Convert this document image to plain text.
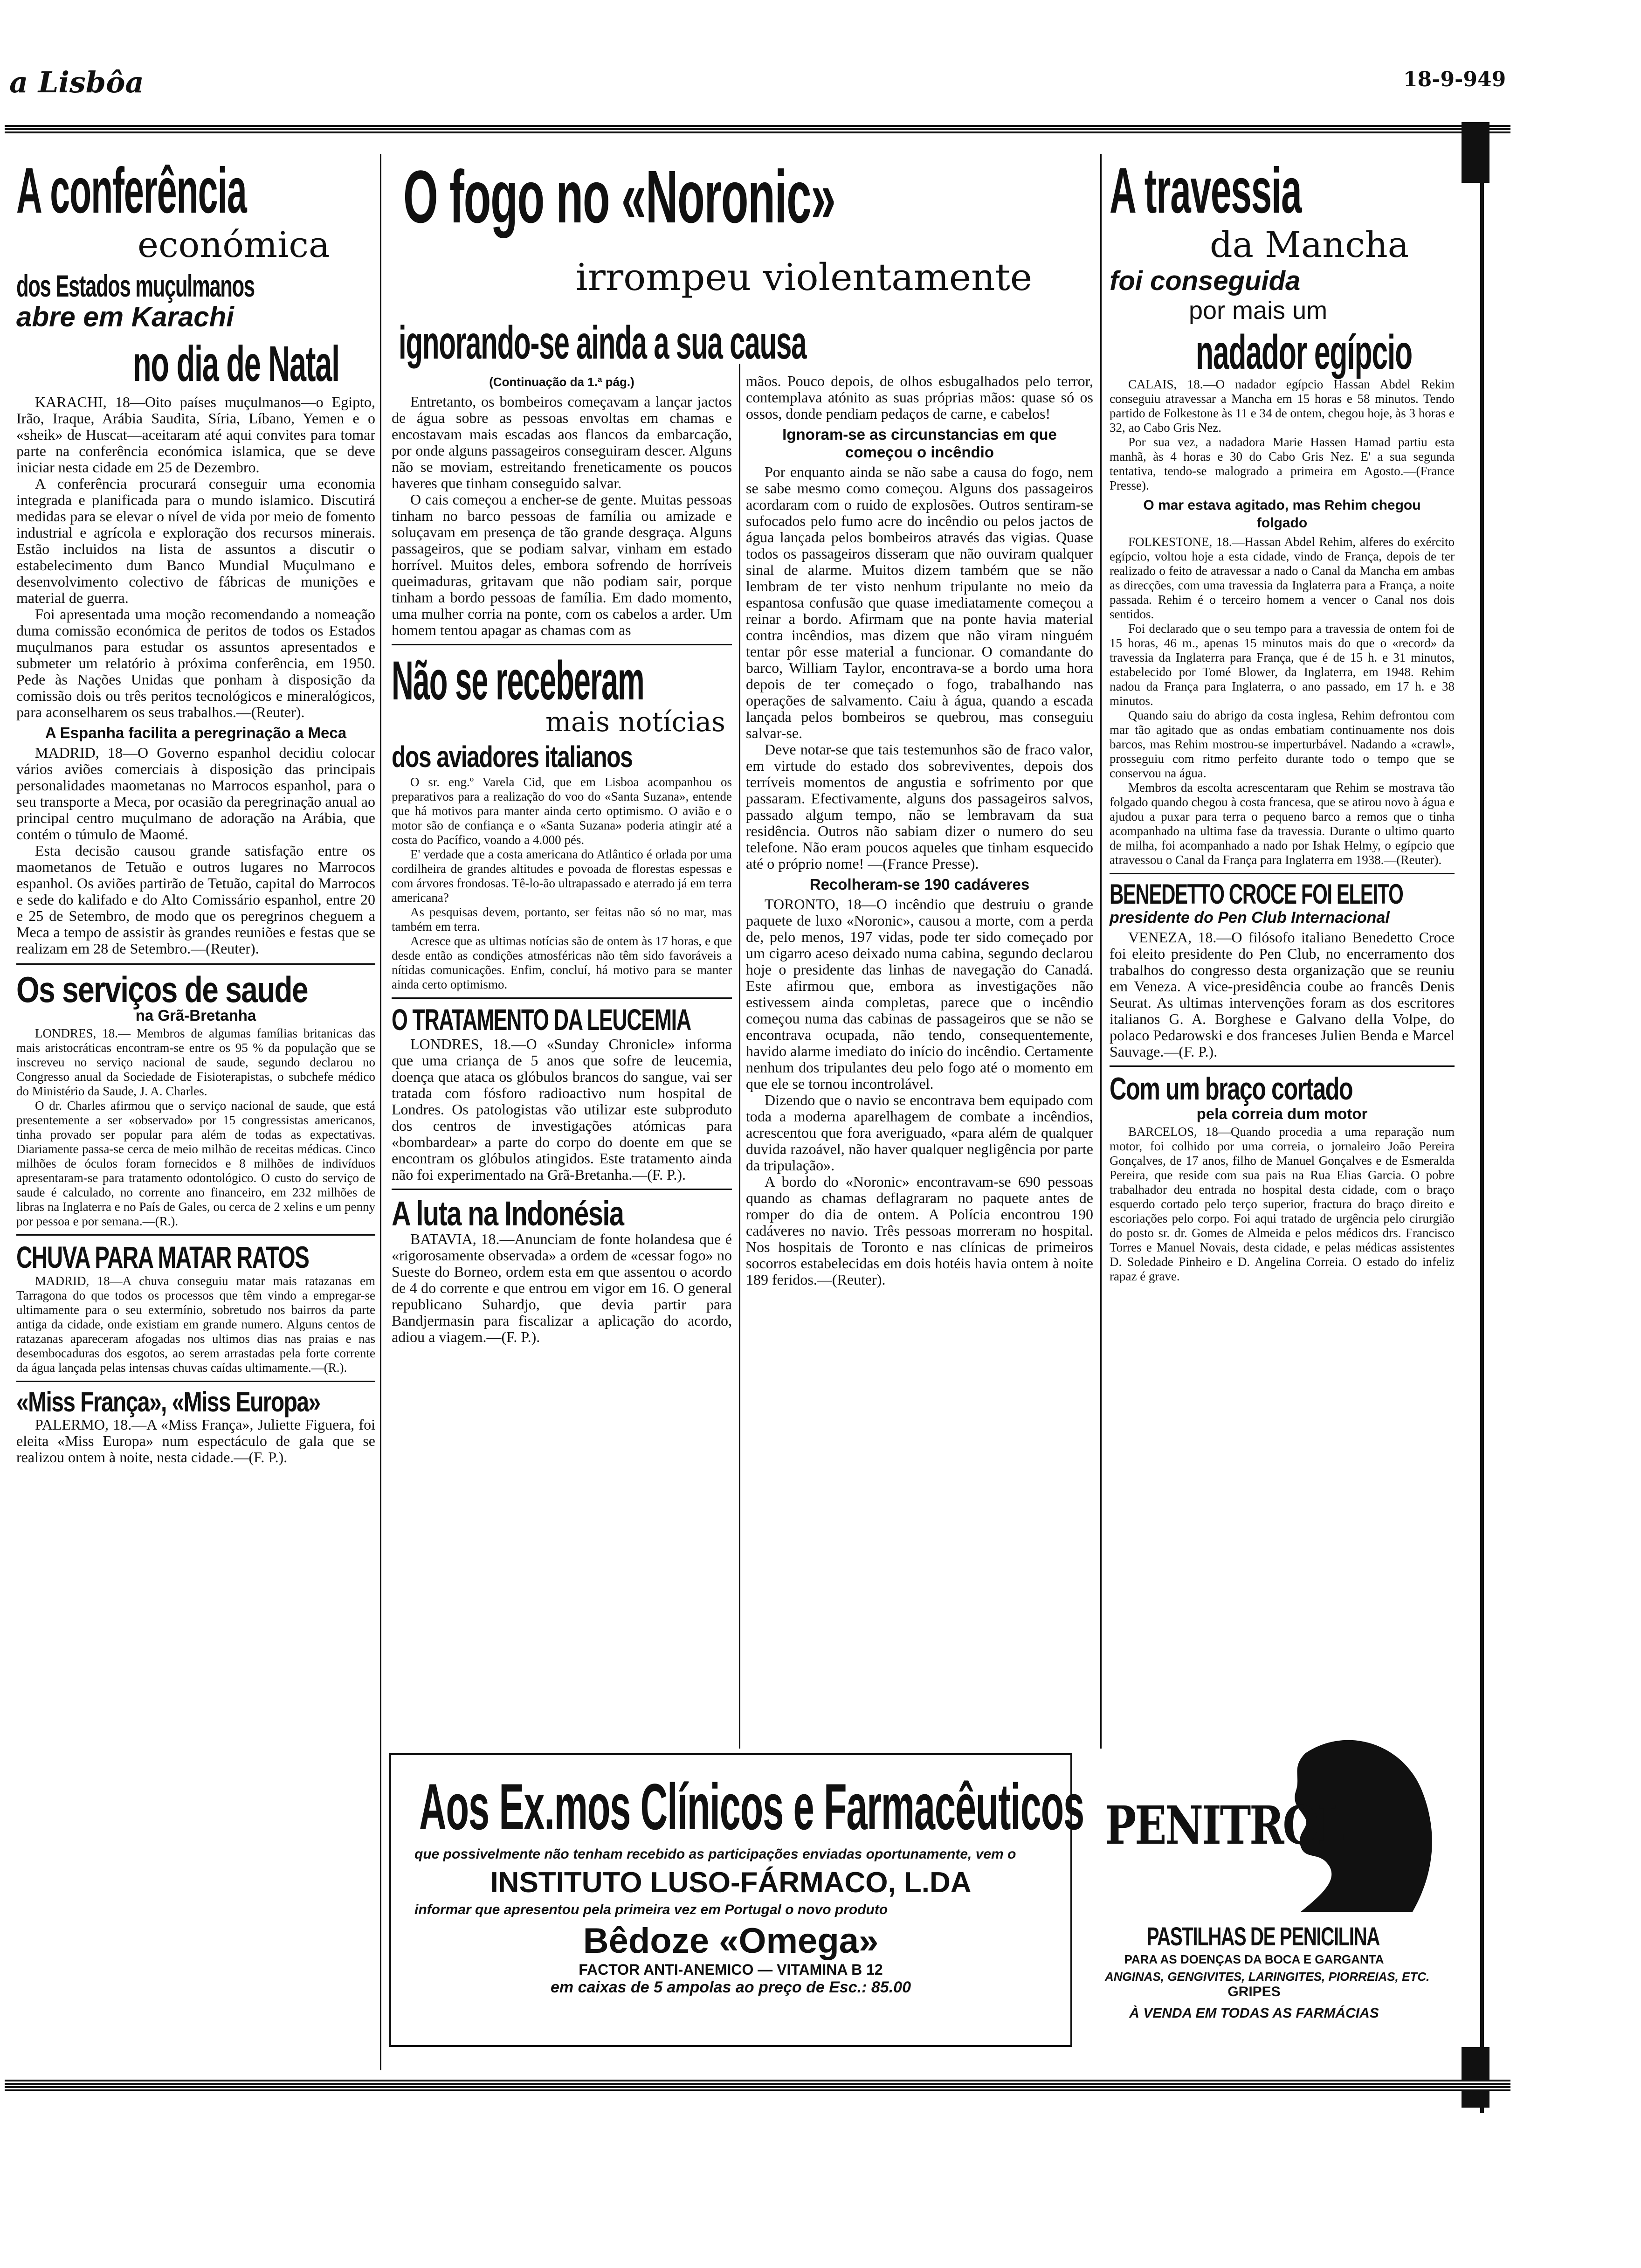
a Lisbôa	18-9-949
A conferência
económica
dos Estados muçulmanos
abre em Karachi
no dia de Natal

KARACHI, 18—Oito países muçulmanos—o Egipto, Irão, Iraque, Arábia Saudita, Síria, Líbano, Yemen e o «sheik» de Huscat—aceitaram até aqui convites para tomar parte na conferência económica islamica, que se deve iniciar nesta cidade em 25 de Dezembro.

A conferência procurará conseguir uma economia integrada e planificada para o mundo islamico. Discutirá medidas para se elevar o nível de vida por meio de fomento industrial e agrícola e exploração dos recursos minerais. Estão incluidos na lista de assuntos a discutir o estabelecimento dum Banco Mundial Muçulmano e desenvolvimento colectivo de fábricas de munições e material de guerra.

Foi apresentada uma moção recomendando a nomeação duma comissão económica de peritos de todos os Estados muçulmanos para estudar os assuntos apresentados e submeter um relatório à próxima conferência, em 1950. Pede às Nações Unidas que ponham à disposição da comissão dois ou três peritos tecnológicos e mineralógicos, para aconselharem os seus trabalhos.—(Reuter).

A Espanha facilita a peregrinação a Meca

MADRID, 18—O Governo espanhol decidiu colocar vários aviões comerciais à disposição das principais personalidades maometanas no Marrocos espanhol, para o seu transporte a Meca, por ocasião da peregrinação anual ao principal centro muçulmano de adoração na Arábia, que contém o túmulo de Maomé.

Esta decisão causou grande satisfação entre os maometanos de Tetuão e outros lugares no Marrocos espanhol. Os aviões partirão de Tetuão, capital do Marrocos e sede do kalifado e do Alto Comissário espanhol, entre 20 e 25 de Setembro, de modo que os peregrinos cheguem a Meca a tempo de assistir às grandes reuniões e festas que se realizam em 28 de Setembro.—(Reuter).

Os serviços de saude
na Grã-Bretanha

LONDRES, 18.— Membros de algumas famílias britanicas das mais aristocráticas encontram-se entre os 95 % da população que se inscreveu no serviço nacional de saude, segundo declarou no Congresso anual da Sociedade de Fisioterapistas, o subchefe médico do Ministério da Saude, J. A. Charles.

O dr. Charles afirmou que o serviço nacional de saude, que está presentemente a ser «observado» por 15 congressistas americanos, tinha provado ser popular para além de todas as expectativas. Diariamente passa-se cerca de meio milhão de receitas médicas. Cinco milhões de óculos foram fornecidos e 8 milhões de indivíduos apresentaram-se para tratamento odontológico. O custo do serviço de saude é calculado, no corrente ano financeiro, em 232 milhões de libras na Inglaterra e no País de Gales, ou cerca de 2 xelins e um penny por pessoa e por semana.—(R.).

CHUVA PARA MATAR RATOS

MADRID, 18—A chuva conseguiu matar mais ratazanas em Tarragona do que todos os processos que têm vindo a empregar-se ultimamente para o seu extermínio, sobretudo nos bairros da parte antiga da cidade, onde existiam em grande numero. Alguns centos de ratazanas apareceram afogadas nos ultimos dias nas praias e nas desembocaduras dos esgotos, ao serem arrastadas pela forte corrente da água lançada pelas intensas chuvas caídas ultimamente.—(R.).

«Miss França», «Miss Europa»

PALERMO, 18.—A «Miss França», Juliette Figuera, foi eleita «Miss Europa» num espectáculo de gala que se realizou ontem à noite, nesta cidade.—(F. P.).

O fogo no «Noronic»
irrompeu violentamente
ignorando-se ainda a sua causa
(Continuação da 1.ª pág.)

Entretanto, os bombeiros começavam a lançar jactos de água sobre as pessoas envoltas em chamas e encostavam mais escadas aos flancos da embarcação, por onde alguns passageiros conseguiram descer. Alguns não se moviam, estreitando freneticamente os poucos haveres que tinham conseguido salvar.

O cais começou a encher-se de gente. Muitas pessoas tinham no barco pessoas de família ou amizade e soluçavam em presença de tão grande desgraça. Alguns passageiros, que se podiam salvar, vinham em estado horrível. Muitos deles, embora sofrendo de horríveis queimaduras, gritavam que não podiam sair, porque tinham a bordo pessoas de família. Em dado momento, uma mulher corria na ponte, com os cabelos a arder. Um homem tentou apagar as chamas com as

Não se receberam
mais notícias
dos aviadores italianos

O sr. eng.º Varela Cid, que em Lisboa acompanhou os preparativos para a realização do voo do «Santa Suzana», entende que há motivos para manter ainda certo optimismo. O avião e o motor são de confiança e o «Santa Suzana» poderia atingir até a costa do Pacífico, voando a 4.000 pés.

E' verdade que a costa americana do Atlântico é orlada por uma cordilheira de grandes altitudes e povoada de florestas espessas e com árvores frondosas. Tê-lo-ão ultrapassado e aterrado já em terra americana?

As pesquisas devem, portanto, ser feitas não só no mar, mas também em terra.

Acresce que as ultimas notícias são de ontem às 17 horas, e que desde então as condições atmosféricas não têm sido favoráveis a nítidas comunicações. Enfim, concluí, há motivo para se manter ainda certo optimismo.

O TRATAMENTO DA LEUCEMIA

LONDRES, 18.—O «Sunday Chronicle» informa que uma criança de 5 anos que sofre de leucemia, doença que ataca os glóbulos brancos do sangue, vai ser tratada com fósforo radioactivo num hospital de Londres. Os patologistas vão utilizar este subproduto dos centros de investigações atómicas para «bombardear» a parte do corpo do doente em que se encontram os glóbulos atingidos. Este tratamento ainda não foi experimentado na Grã-Bretanha.—(F. P.).

A luta na Indonésia

BATAVIA, 18.—Anunciam de fonte holandesa que é «rigorosamente observada» a ordem de «cessar fogo» no Sueste do Borneo, ordem esta em que assentou o acordo de 4 do corrente e que entrou em vigor em 16. O general republicano Suhardjo, que devia partir para Bandjermasin para fiscalizar a aplicação do acordo, adiou a viagem.—(F. P.).

mãos. Pouco depois, de olhos esbugalhados pelo terror, contemplava atónito as suas próprias mãos: quase só os ossos, donde pendiam pedaços de carne, e cabelos!

Ignoram-se as circunstancias em que começou o incêndio

Por enquanto ainda se não sabe a causa do fogo, nem se sabe mesmo como começou. Alguns dos passageiros acordaram com o ruido de explosões. Outros sentiram-se sufocados pelo fumo acre do incêndio ou pelos jactos de água lançada pelos bombeiros através das vigias. Quase todos os passageiros disseram que não ouviram qualquer sinal de alarme. Muitos dizem também que se não lembram de ter visto nenhum tripulante no meio da espantosa confusão que quase imediatamente começou a reinar a bordo. Afirmam que na ponte havia material contra incêndios, mas dizem que não viram ninguém tentar pôr esse material a funcionar. O comandante do barco, William Taylor, encontrava-se a bordo uma hora depois de ter começado o fogo, trabalhando nas operações de salvamento. Caiu à água, quando a escada lançada pelos bombeiros se quebrou, mas conseguiu salvar-se.

Deve notar-se que tais testemunhos são de fraco valor, em virtude do estado dos sobreviventes, depois dos terríveis momentos de angustia e sofrimento por que passaram. Efectivamente, alguns dos passageiros salvos, passado algum tempo, não se lembravam da sua residência. Outros não sabiam dizer o numero do seu telefone. Não eram poucos aqueles que tinham esquecido até o próprio nome! —(France Presse).

Recolheram-se 190 cadáveres

TORONTO, 18—O incêndio que destruiu o grande paquete de luxo «Noronic», causou a morte, com a perda de, pelo menos, 197 vidas, pode ter sido começado por um cigarro aceso deixado numa cabina, segundo declarou hoje o presidente das linhas de navegação do Canadá. Este afirmou que, embora as investigações não estivessem ainda completas, parece que o incêndio começou numa das cabinas de passageiros que se não se encontrava ocupada, não tendo, consequentemente, havido alarme imediato do início do incêndio. Certamente nenhum dos tripulantes deu pelo fogo até o momento em que ele se tornou incontrolável.

Dizendo que o navio se encontrava bem equipado com toda a moderna aparelhagem de combate a incêndios, acrescentou que fora averiguado, «para além de qualquer duvida razoável, não haver qualquer negligência por parte da tripulação».

A bordo do «Noronic» encontravam-se 690 pessoas quando as chamas deflagraram no paquete antes de romper do dia de ontem. A Polícia encontrou 190 cadáveres no navio. Três pessoas morreram no hospital. Nos hospitais de Toronto e nas clínicas de primeiros socorros estabelecidas em dois hotéis havia ontem à noite 189 feridos.—(Reuter).

A travessia
da Mancha
foi conseguida
por mais um
nadador egípcio

CALAIS, 18.—O nadador egípcio Hassan Abdel Rekim conseguiu atravessar a Mancha em 15 horas e 58 minutos. Tendo partido de Folkestone às 11 e 34 de ontem, chegou hoje, às 3 horas e 32, ao Cabo Gris Nez.

Por sua vez, a nadadora Marie Hassen Hamad partiu esta manhã, às 4 horas e 30 do Cabo Gris Nez. E' a sua segunda tentativa, tendo-se malogrado a primeira em Agosto.—(France Presse).

O mar estava agitado, mas Rehim chegou folgado

FOLKESTONE, 18.—Hassan Abdel Rehim, alferes do exército egípcio, voltou hoje a esta cidade, vindo de França, depois de ter realizado o feito de atravessar a nado o Canal da Mancha em ambas as direcções, com uma travessia da Inglaterra para a França, a noite passada. Rehim é o terceiro homem a vencer o Canal nos dois sentidos.

Foi declarado que o seu tempo para a travessia de ontem foi de 15 horas, 46 m., apenas 15 minutos mais do que o «record» da travessia da Inglaterra para França, que é de 15 h. e 31 minutos, estabelecido por Tomé Blower, da Inglaterra, em 1948. Rehim nadou da França para Inglaterra, o ano passado, em 17 h. e 38 minutos.

Quando saiu do abrigo da costa inglesa, Rehim defrontou com mar tão agitado que as ondas embatiam continuamente nos dois barcos, mas Rehim mostrou-se imperturbável. Nadando a «crawl», prosseguiu com ritmo perfeito durante todo o tempo que se conservou na água.

Membros da escolta acrescentaram que Rehim se mostrava tão folgado quando chegou à costa francesa, que se atirou novo à água e ajudou a puxar para terra o pequeno barco a remos que o tinha acompanhado na ultima fase da travessia. Durante o ultimo quarto de milha, foi acompanhado a nado por Ishak Helmy, o egípcio que atravessou o Canal da França para Inglaterra em 1938.—(Reuter).

BENEDETTO CROCE FOI ELEITO
presidente do Pen Club Internacional

VENEZA, 18.—O filósofo italiano Benedetto Croce foi eleito presidente do Pen Club, no encerramento dos trabalhos do congresso desta organização que se reuniu em Veneza. A vice-presidência coube ao francês Denis Seurat. As ultimas intervenções foram as dos escritores italianos G. A. Borghese e Galvano della Volpe, do polaco Pedarowski e dos franceses Julien Benda e Marcel Sauvage.—(F. P.).

Com um braço cortado
pela correia dum motor

BARCELOS, 18—Quando procedia a uma reparação num motor, foi colhido por uma correia, o jornaleiro João Pereira Gonçalves, de 17 anos, filho de Manuel Gonçalves e de Esmeralda Pereira, que reside com sua pais na Rua Elias Garcia. O pobre trabalhador deu entrada no hospital desta cidade, com o braço esquerdo cortado pelo terço superior, fractura do braço direito e escoriações pelo corpo. Foi aqui tratado de urgência pelo cirurgião do posto sr. dr. Gomes de Almeida e pelos médicos drs. Francisco Torres e Manuel Novais, desta cidade, e pelas médicas assistentes D. Soledade Pinheiro e D. Angelina Correia. O estado do infeliz rapaz é grave.

Aos Ex.mos Clínicos e Farmacêuticos
que possivelmente não tenham recebido as participações enviadas oportunamente, vem o
INSTITUTO LUSO-FÁRMACO, L.DA
informar que apresentou pela primeira vez em Portugal o novo produto
Bêdoze «Omega»
FACTOR ANTI-ANEMICO — VITAMINA B 12
em caixas de 5 ampolas ao preço de Esc.: 85.00
PENITROL
PASTILHAS DE PENICILINA
PARA AS DOENÇAS DA BOCA E GARGANTA
ANGINAS, GENGIVITES, LARINGITES, PIORREIAS, ETC.
GRIPES
À VENDA EM TODAS AS FARMÁCIAS
